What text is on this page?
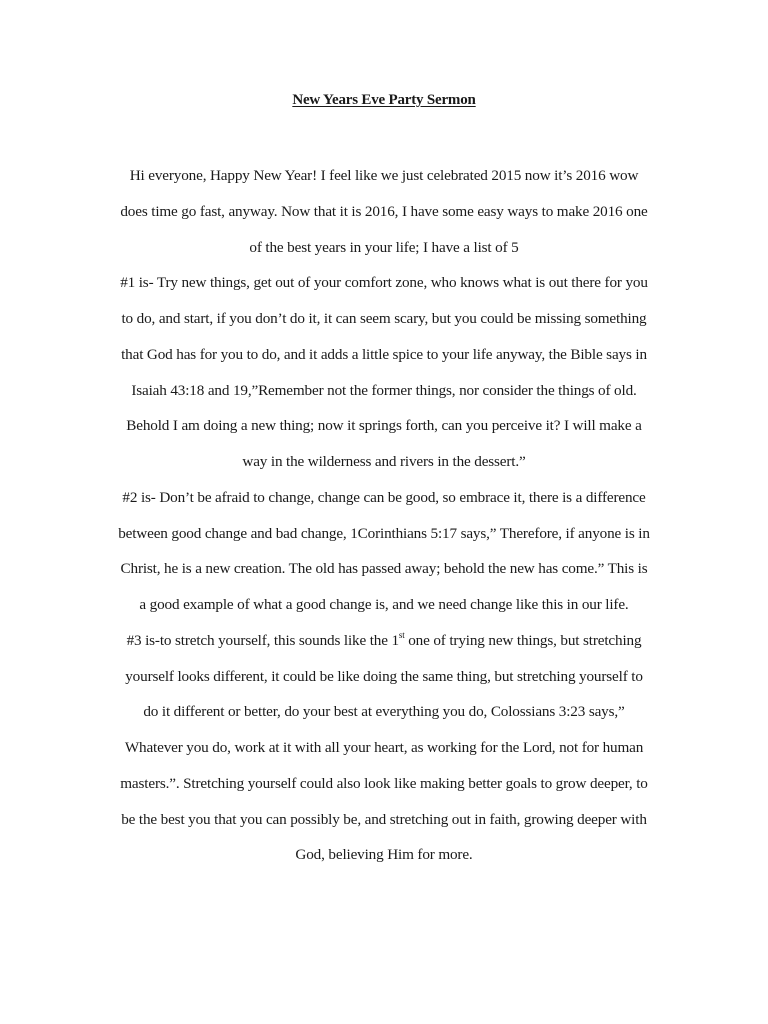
New Years Eve Party Sermon
Hi everyone, Happy New Year! I feel like we just celebrated 2015 now it’s 2016 wow
does time go fast, anyway. Now that it is 2016, I have some easy ways to make 2016 one
of the best years in your life; I have a list of 5
#1 is- Try new things, get out of your comfort zone, who knows what is out there for you
to do, and start, if you don’t do it, it can seem scary, but you could be missing something
that God has for you to do, and it adds a little spice to your life anyway, the Bible says in
Isaiah 43:18 and 19,”Remember not the former things, nor consider the things of old.
Behold I am doing a new thing; now it springs forth, can you perceive it? I will make a
way in the wilderness and rivers in the dessert.”
#2 is- Don’t be afraid to change, change can be good, so embrace it, there is a difference
between good change and bad change, 1Corinthians 5:17 says,” Therefore, if anyone is in
Christ, he is a new creation. The old has passed away; behold the new has come.” This is
a good example of what a good change is, and we need change like this in our life.
#3 is-to stretch yourself, this sounds like the 1st one of trying new things, but stretching
yourself looks different, it could be like doing the same thing, but stretching yourself to
do it different or better, do your best at everything you do, Colossians 3:23 says,”
Whatever you do, work at it with all your heart, as working for the Lord, not for human
masters.”. Stretching yourself could also look like making better goals to grow deeper, to
be the best you that you can possibly be, and stretching out in faith, growing deeper with
God, believing Him for more.
